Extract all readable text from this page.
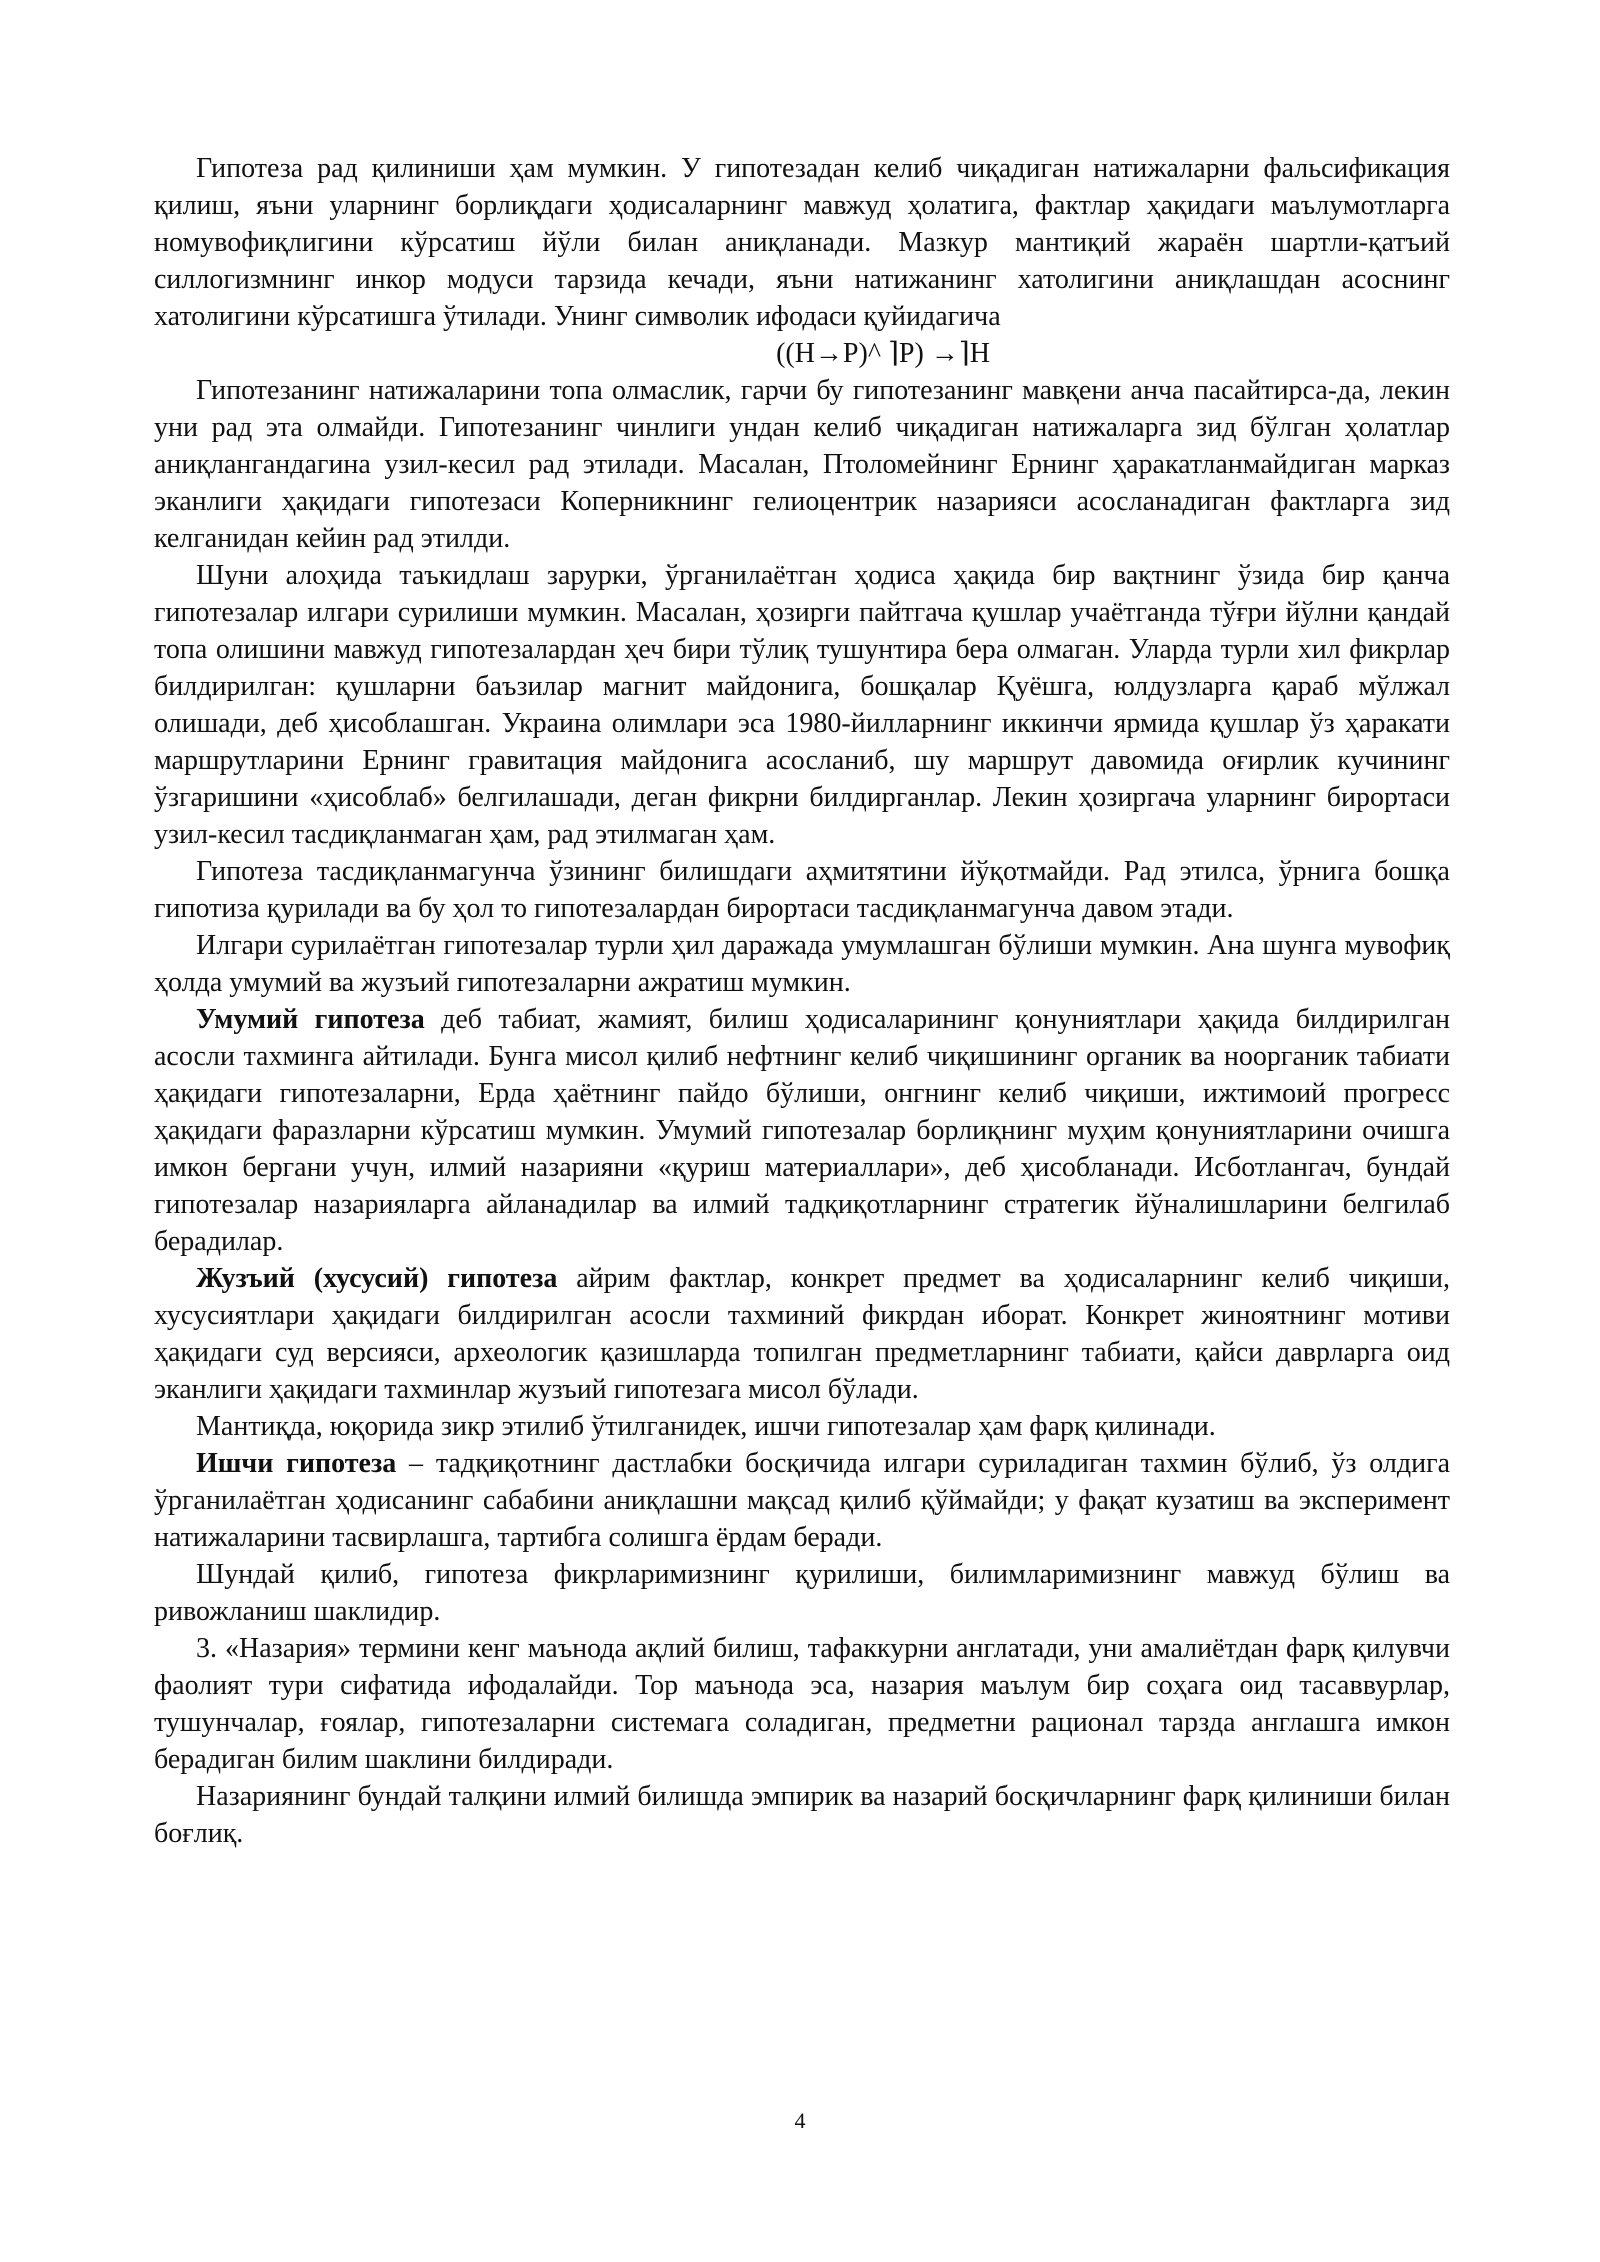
Гипотеза рад қилиниши ҳам мумкин. У гипотезадан келиб чиқадиган натижаларни фальсификация қилиш, яъни уларнинг борлиқдаги ҳодисаларнинг мавжуд ҳолатига, фактлар ҳақидаги маълумотларга номувофиқлигини кўрсатиш йўли билан аниқланади. Мазкур мантиқий жараён шартли-қатъий силлогизмнинг инкор модуси тарзида кечади, яъни натижанинг хатолигини аниқлашдан асоснинг хатолигини кўрсатишга ўтилади. Унинг символик ифодаси қуйидагича

((H→P)^ ⌉P) →⌉H

Гипотезанинг натижаларини топа олмаслик, гарчи бу гипотезанинг мавқени анча пасайтирса-да, лекин уни рад эта олмайди. Гипотезанинг чинлиги ундан келиб чиқадиган натижаларга зид бўлган ҳолатлар аниқлангандагина узил-кесил рад этилади. Масалан, Птоломейнинг Ернинг ҳаракатланмайдиган марказ эканлиги ҳақидаги гипотезаси Коперникнинг гелиоцентрик назарияси асосланадиган фактларга зид келганидан кейин рад этилди.

Шуни алоҳида таъкидлаш зарурки, ўрганилаётган ҳодиса ҳақида бир вақтнинг ўзида бир қанча гипотезалар илгари сурилиши мумкин. Масалан, ҳозирги пайтгача қушлар учаётганда тўғри йўлни қандай топа олишини мавжуд гипотезалардан ҳеч бири тўлиқ тушунтира бера олмаган. Уларда турли хил фикрлар билдирилган: қушларни баъзилар магнит майдонига, бошқалар Қуёшга, юлдузларга қараб мўлжал олишади, деб ҳисоблашган. Украина олимлари эса 1980-йилларнинг иккинчи ярмида қушлар ўз ҳаракати маршрутларини Ернинг гравитация майдонига асосланиб, шу маршрут давомида оғирлик кучининг ўзгаришини «ҳисоблаб» белгилашади, деган фикрни билдирганлар. Лекин ҳозиргача уларнинг бирортаси узил-кесил тасдиқланмаган ҳам, рад этилмаган ҳам.

Гипотеза тасдиқланмагунча ўзининг билишдаги аҳмитятини йўқотмайди. Рад этилса, ўрнига бошқа гипотиза қурилади ва бу ҳол то гипотезалардан бирортаси тасдиқланмагунча давом этади.

Илгари сурилаётган гипотезалар турли ҳил даражада умумлашган бўлиши мумкин. Ана шунга мувофиқ ҳолда умумий ва жузъий гипотезаларни ажратиш мумкин.

Умумий гипотеза деб табиат, жамият, билиш ҳодисаларининг қонуниятлари ҳақида билдирилган асосли тахминга айтилади. Бунга мисол қилиб нефтнинг келиб чиқишининг органик ва ноорганик табиати ҳақидаги гипотезаларни, Ерда ҳаётнинг пайдо бўлиши, онгнинг келиб чиқиши, ижтимоий прогресс ҳақидаги фаразларни кўрсатиш мумкин. Умумий гипотезалар борлиқнинг муҳим қонуниятларини очишга имкон бергани учун, илмий назарияни «қуриш материаллари», деб ҳисобланади. Исботлангач, бундай гипотезалар назарияларга айланадилар ва илмий тадқиқотларнинг стратегик йўналишларини белгилаб берадилар.

Жузъий (хусусий) гипотеза айрим фактлар, конкрет предмет ва ҳодисаларнинг келиб чиқиши, хусусиятлари ҳақидаги билдирилган асосли тахминий фикрдан иборат. Конкрет жиноятнинг мотиви ҳақидаги суд версияси, археологик қазишларда топилган предметларнинг табиати, қайси даврларга оид эканлиги ҳақидаги тахминлар жузъий гипотезага мисол бўлади.

Мантиқда, юқорида зикр этилиб ўтилганидек, ишчи гипотезалар ҳам фарқ қилинади.

Ишчи гипотеза – тадқиқотнинг дастлабки босқичида илгари суриладиган тахмин бўлиб, ўз олдига ўрганилаётган ҳодисанинг сабабини аниқлашни мақсад қилиб қўймайди; у фақат кузатиш ва эксперимент натижаларини тасвирлашга, тартибга солишга ёрдам беради.

Шундай қилиб, гипотеза фикрларимизнинг қурилиши, билимларимизнинг мавжуд бўлиш ва ривожланиш шаклидир.

3. «Назария» термини кенг маънода ақлий билиш, тафаккурни англатади, уни амалиётдан фарқ қилувчи фаолият тури сифатида ифодалайди. Тор маънода эса, назария маълум бир соҳага оид тасаввурлар, тушунчалар, ғоялар, гипотезаларни системага соладиган, предметни рационал тарзда англашга имкон берадиган билим шаклини билдиради.

Назариянинг бундай талқини илмий билишда эмпирик ва назарий босқичларнинг фарқ қилиниши билан боғлиқ.

4
